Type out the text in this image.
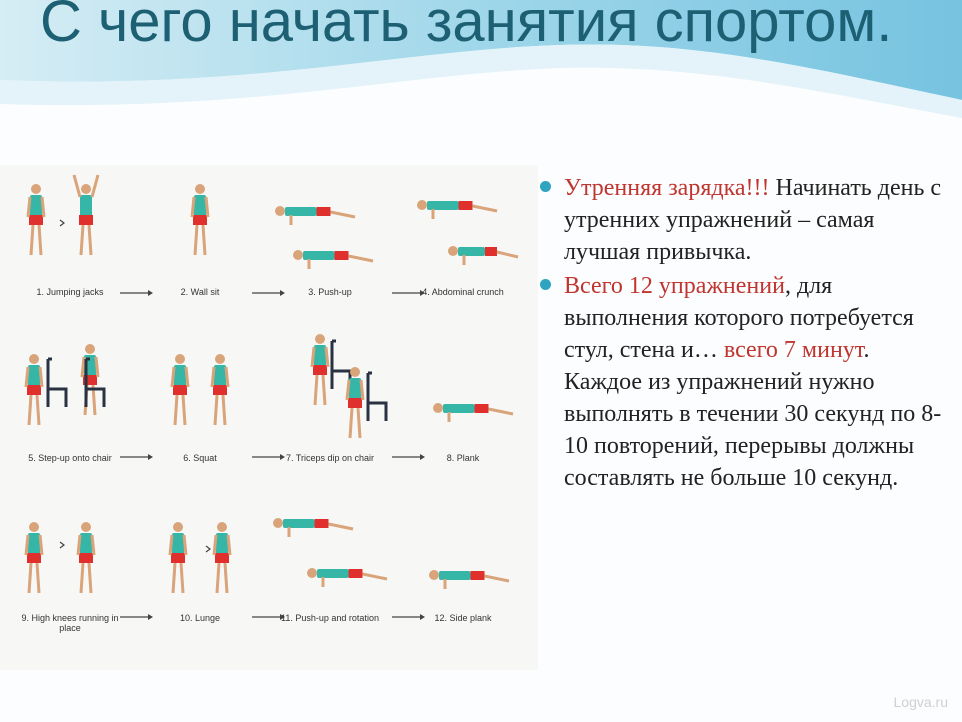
С чего начать занятия спортом.
1. Jumping jacks	2. Wall sit	3. Push-up	4. Abdominal crunch
5. Step-up onto chair	6. Squat	7. Triceps dip on chair	8. Plank
9. High knees running in place
10. Lunge	11. Push-up and rotation	12. Side plank
Утренняя зарядка!!! Начинать день с утренних упражнений – самая лучшая привычка.
Всего 12 упражнений, для выполнения которого потребуется стул, стена и… всего 7 минут. Каждое из упражнений нужно выполнять в течении 30 секунд по 8-10 повторений, перерывы должны составлять не больше 10 секунд.
Logva.ru
